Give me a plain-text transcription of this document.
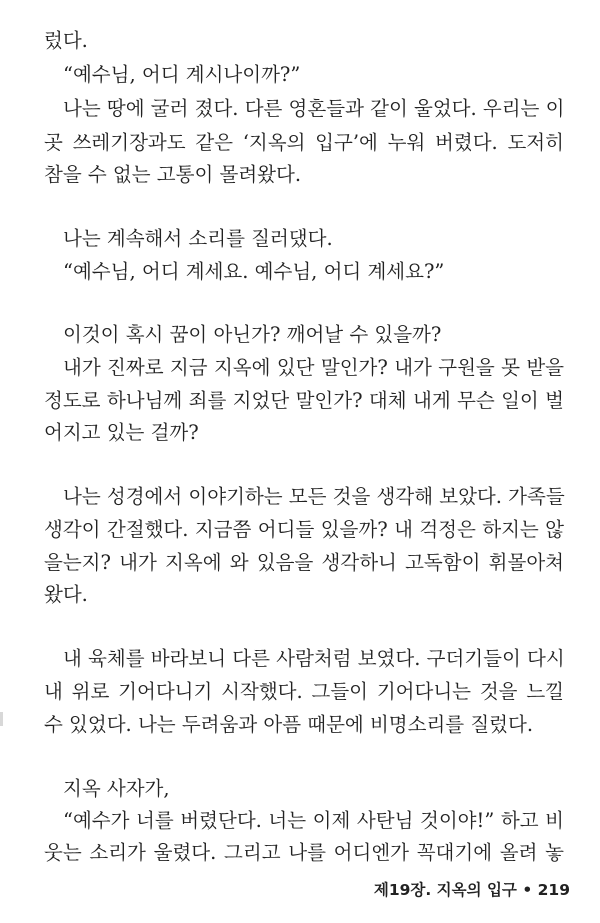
렀다.
“예수님, 어디 계시나이까?”
나는 땅에 굴러 졌다. 다른 영혼들과 같이 울었다. 우리는 이
곳 쓰레기장과도 같은 ‘지옥의 입구’에 누워 버렸다. 도저히
참을 수 없는 고통이 몰려왔다.
나는 계속해서 소리를 질러댔다.
“예수님, 어디 계세요. 예수님, 어디 계세요?”
이것이 혹시 꿈이 아닌가? 깨어날 수 있을까?
내가 진짜로 지금 지옥에 있단 말인가? 내가 구원을 못 받을
정도로 하나님께 죄를 지었단 말인가? 대체 내게 무슨 일이 벌
어지고 있는 걸까?
나는 성경에서 이야기하는 모든 것을 생각해 보았다. 가족들
생각이 간절했다. 지금쯤 어디들 있을까? 내 걱정은 하지는 않
을는지? 내가 지옥에 와 있음을 생각하니 고독함이 휘몰아쳐
왔다.
내 육체를 바라보니 다른 사람처럼 보였다. 구더기들이 다시
내 위로 기어다니기 시작했다. 그들이 기어다니는 것을 느낄
수 있었다. 나는 두려움과 아픔 때문에 비명소리를 질렀다.
지옥 사자가,
“예수가 너를 버렸단다. 너는 이제 사탄님 것이야!” 하고 비
웃는 소리가 울렸다. 그리고 나를 어디엔가 꼭대기에 올려 놓
제19장. 지옥의 입구 • 219
